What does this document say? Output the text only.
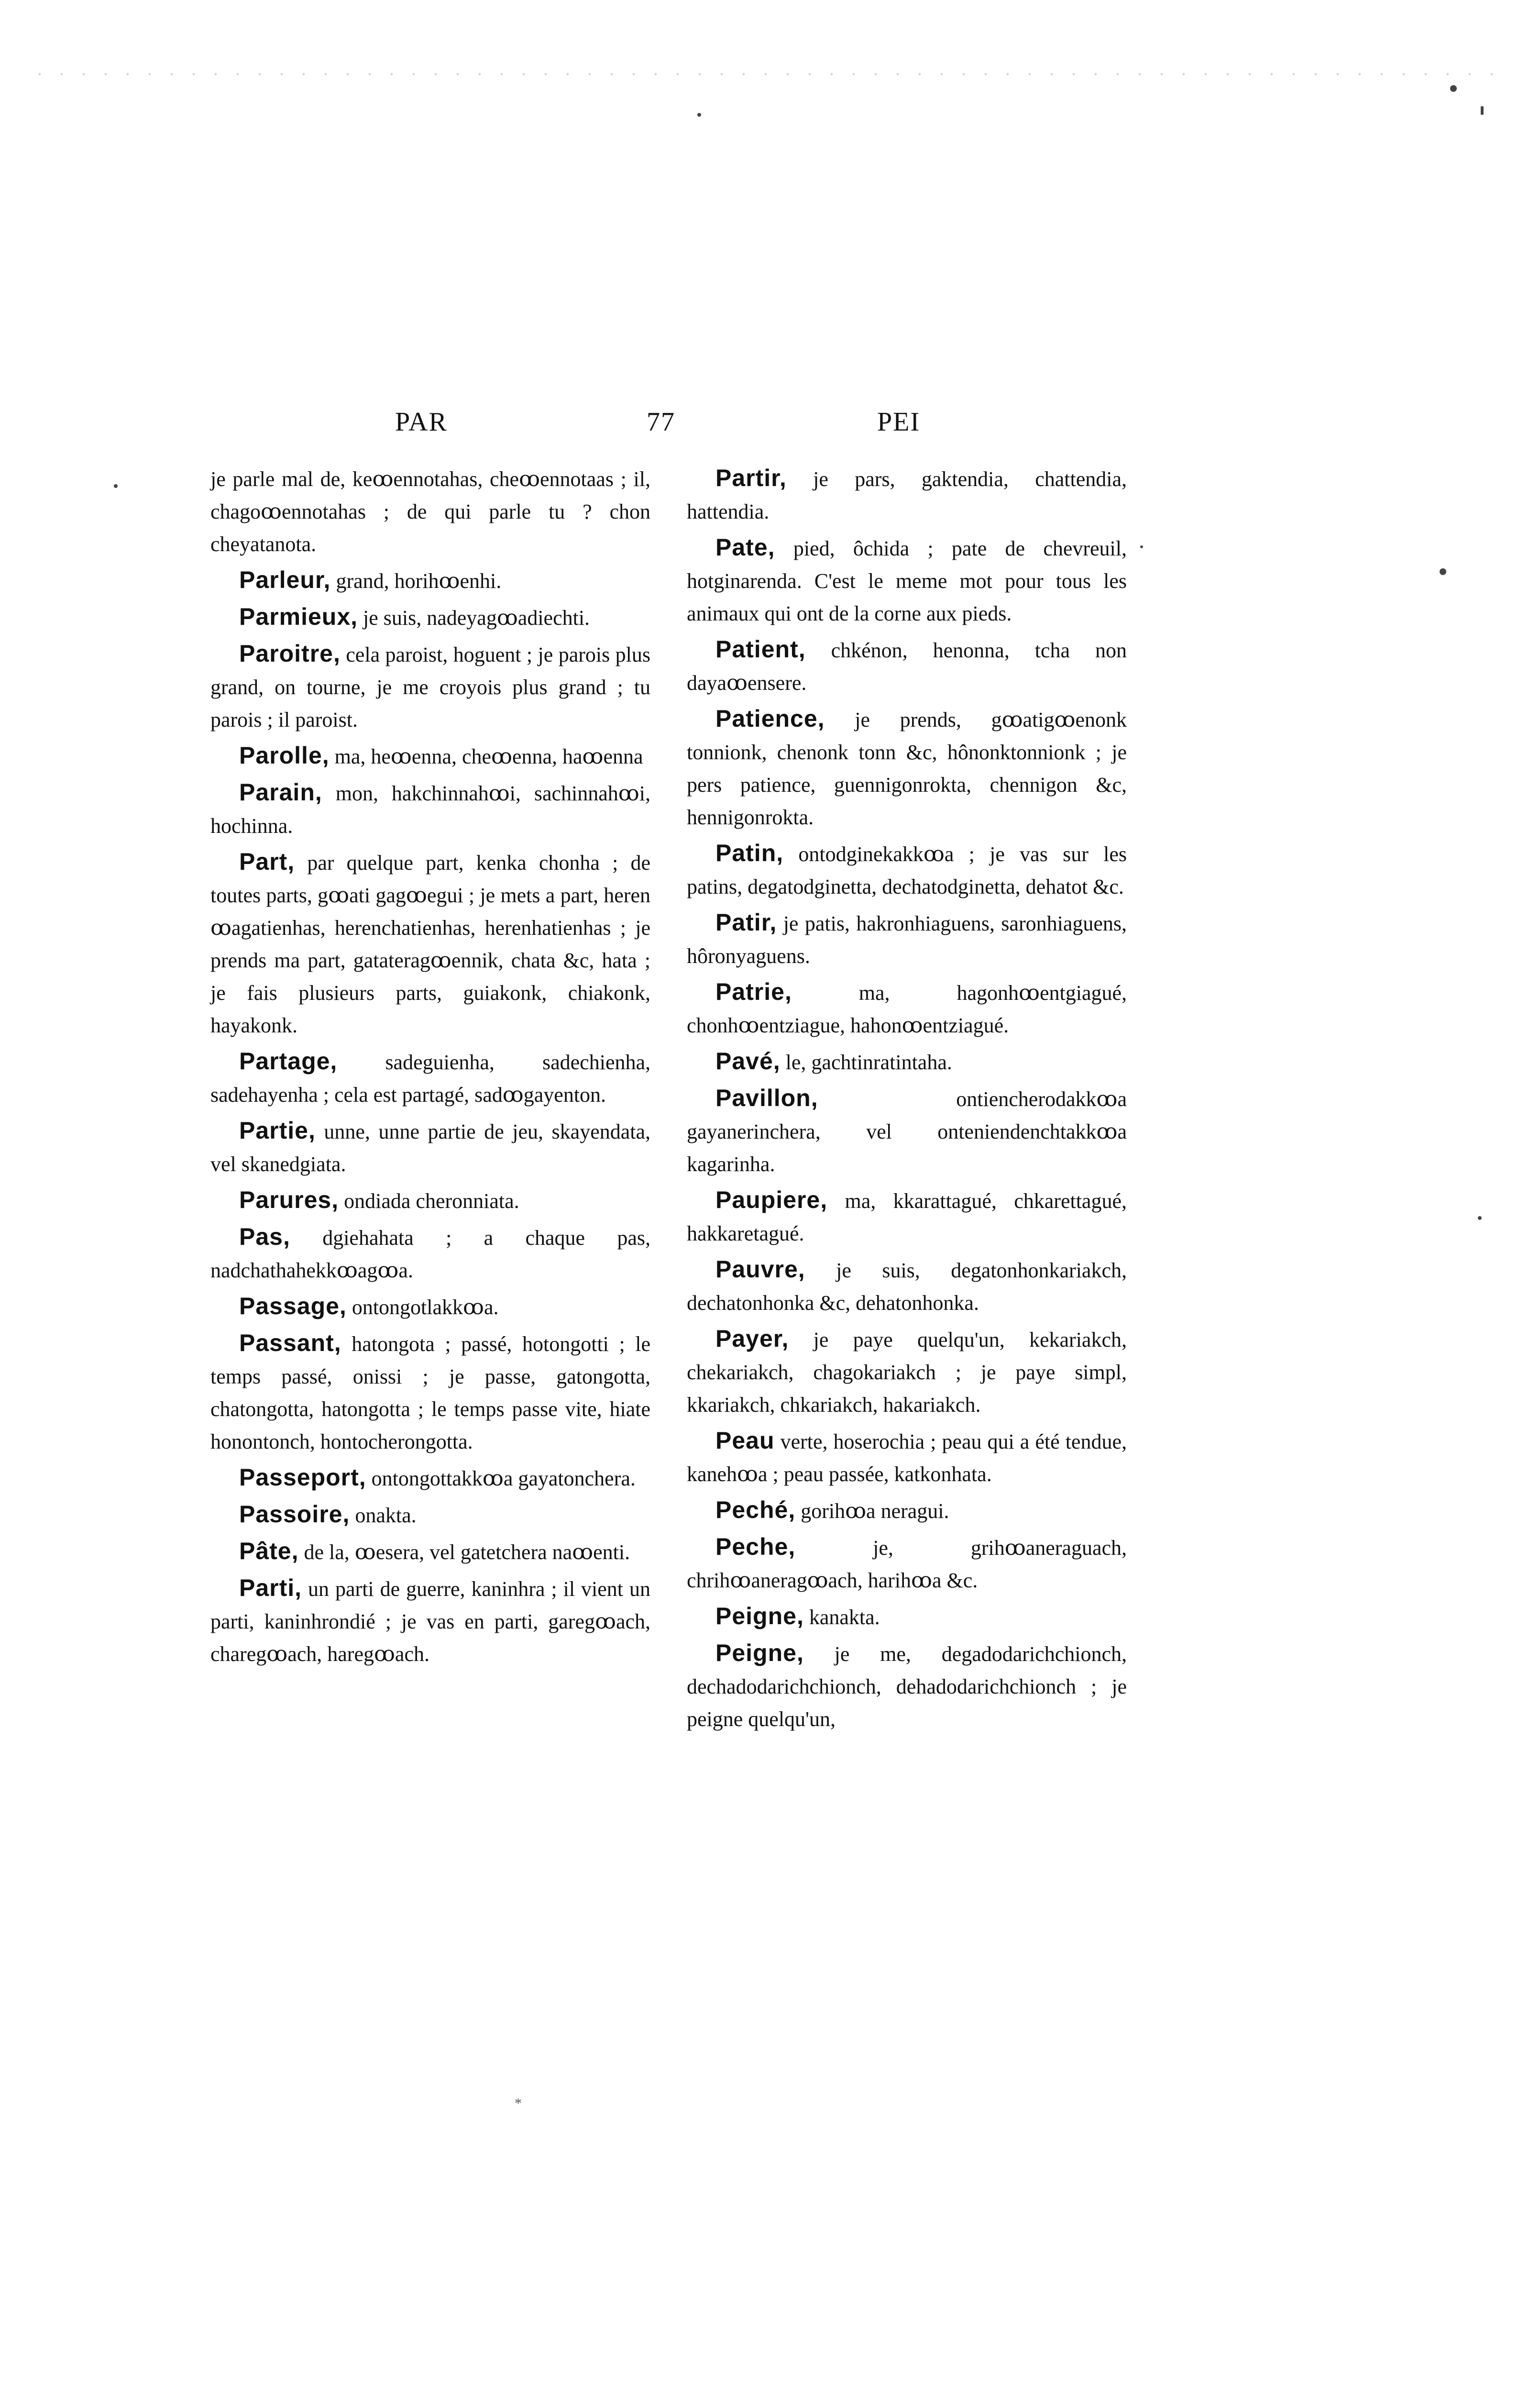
PAR	77	PEI

je parle mal de, keꝏennotahas, cheꝏennotaas ; il, chagoꝏennotahas ; de qui parle tu ? chon cheyatanota.

Parleur, grand, horihꝏenhi.

Parmieux, je suis, nadeyagꝏadiechti.

Paroitre, cela paroist, hoguent ; je parois plus grand, on tourne, je me croyois plus grand ; tu parois ; il paroist.

Parolle, ma, heꝏenna, cheꝏenna, haꝏenna

Parain, mon, hakchinnahꝏi, sachinnahꝏi, hochinna.

Part, par quelque part, kenka chonha ; de toutes parts, gꝏati gagꝏegui ; je mets a part, heren ꝏagatienhas, herenchatienhas, herenhatienhas ; je prends ma part, gatateragꝏennik, chata &c, hata ; je fais plusieurs parts, guiakonk, chiakonk, hayakonk.

Partage, sadeguienha, sadechienha, sadehayenha ; cela est partagé, sadꝏgayenton.

Partie, unne, unne partie de jeu, skayendata, vel skanedgiata.

Parures, ondiada cheronniata.

Pas, dgiehahata ; a chaque pas, nadchathahekkꝏagꝏa.

Passage, ontongotlakkꝏa.

Passant, hatongota ; passé, hotongotti ; le temps passé, onissi ; je passe, gatongotta, chatongotta, hatongotta ; le temps passe vite, hiate honontonch, hontocherongotta.

Passeport, ontongottakkꝏa gayatonchera.

Passoire, onakta.

Pâte, de la, ꝏesera, vel gatetchera naꝏenti.

Parti, un parti de guerre, kaninhra ; il vient un parti, kaninhrondié ; je vas en parti, garegꝏach, charegꝏach, haregꝏach.

Partir, je pars, gaktendia, chattendia, hattendia.

Pate, pied, ôchida ; pate de chevreuil, hotginarenda. C'est le meme mot pour tous les animaux qui ont de la corne aux pieds.

Patient, chkénon, henonna, tcha non dayaꝏensere.

Patience, je prends, gꝏatigꝏenonk tonnionk, chenonk tonn &c, hônonktonnionk ; je pers patience, guennigonrokta, chennigon &c, hennigonrokta.

Patin, ontodginekakkꝏa ; je vas sur les patins, degatodginetta, dechatodginetta, dehatot &c.

Patir, je patis, hakronhiaguens, saronhiaguens, hôronyaguens.

Patrie,	ma, hagonhꝏentgiagué, chonhꝏentziague, hahonꝏentziagué.

Pavé, le, gachtinratintaha.

Pavillon,	ontiencherodakkꝏa gayanerinchera, vel onteniendenchtakkꝏa kagarinha.

Paupiere, ma, kkarattagué, chkarettagué, hakkaretagué.

Pauvre, je suis, degatonhonkariakch, dechatonhonka &c, dehatonhonka.

Payer, je paye quelqu'un, kekariakch, chekariakch, chagokariakch ; je paye simpl, kkariakch, chkariakch, hakariakch.

Peau verte, hoserochia ; peau qui a été tendue, kanehꝏa ; peau passée, katkonhata.

Peché, gorihꝏa neragui.

Peche,	je, grihꝏaneraguach, chrihꝏaneragꝏach, harihꝏa &c.

Peigne, kanakta.

Peigne, je me, degadodarichchionch, dechadodarichchionch, dehadodarichchionch ; je peigne quelqu'un,

*
